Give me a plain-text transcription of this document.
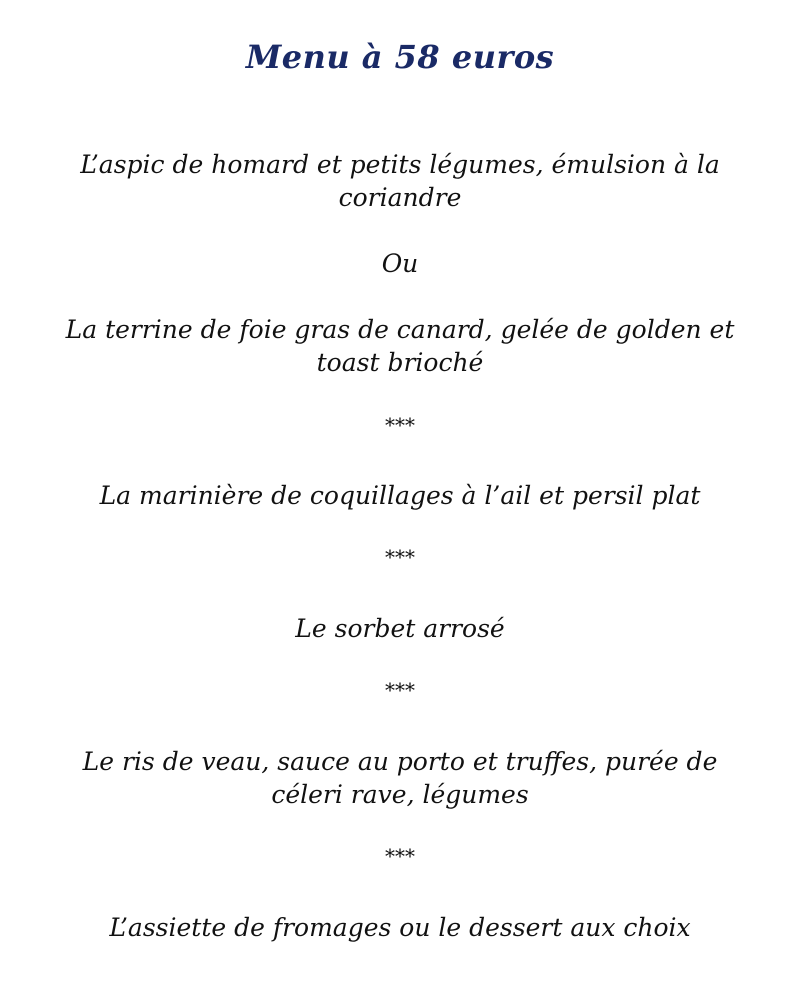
Menu à 58 euros
L’aspic de homard et petits légumes, émulsion à la coriandre
Ou
La terrine de foie gras de canard, gelée de golden et toast brioché
***
La marinière de coquillages à l’ail et persil plat
***
Le sorbet arrosé
***
Le ris de veau, sauce au porto et truffes, purée de céleri rave, légumes
***
L’assiette de fromages ou le dessert aux choix
